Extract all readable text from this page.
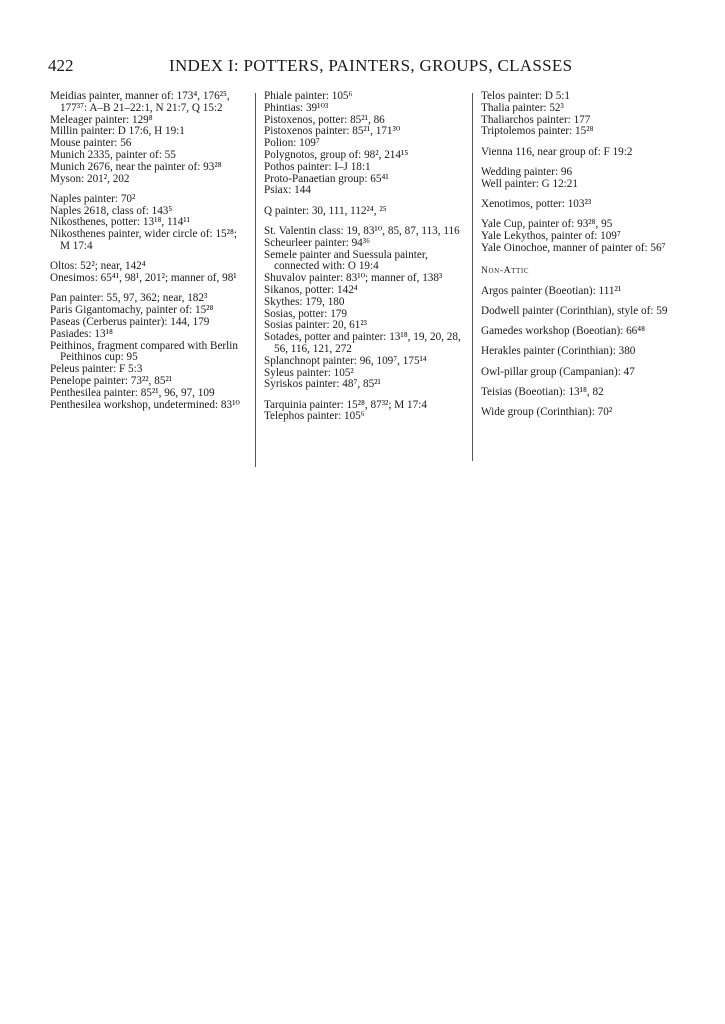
422	INDEX I: POTTERS, PAINTERS, GROUPS, CLASSES
Meidias painter, manner of: 173⁴, 176²⁵, 177³⁷: A–B 21–22:1, N 21:7, Q 15:2
Meleager painter: 129⁸
Millin painter: D 17:6, H 19:1
Mouse painter: 56
Munich 2335, painter of: 55
Munich 2676, near the painter of: 93²⁸
Myson: 201², 202
Naples painter: 70²
Naples 2618, class of: 143⁵
Nikosthenes, potter: 13¹⁸, 114¹¹
Nikosthenes painter, wider circle of: 15²⁸; M 17:4
Oltos: 52²; near, 142⁴
Onesimos: 65⁴¹, 98¹, 201²; manner of, 98¹
Pan painter: 55, 97, 362; near, 182³
Paris Gigantomachy, painter of: 15²⁸
Paseas (Cerberus painter): 144, 179
Pasiades: 13¹⁸
Peithinos, fragment compared with Berlin Peithinos cup: 95
Peleus painter: F 5:3
Penelope painter: 73²², 85²¹
Penthesilea painter: 85²¹, 96, 97, 109
Penthesilea workshop, undetermined: 83¹⁰
Phiale painter: 105⁶
Phintias: 39¹⁰³
Pistoxenos, potter: 85²¹, 86
Pistoxenos painter: 85²¹, 171³⁰
Polion: 109⁷
Polygnotos, group of: 98², 214¹⁵
Pothos painter: I–J 18:1
Proto-Panaetian group: 65⁴¹
Psiax: 144
Q painter: 30, 111, 112²⁴, ²⁵
St. Valentin class: 19, 83¹⁰, 85, 87, 113, 116
Scheurleer painter: 94³⁶
Semele painter and Suessula painter, connected with: O 19:4
Shuvalov painter: 83¹⁰; manner of, 138³
Sikanos, potter: 142⁴
Skythes: 179, 180
Sosias, potter: 179
Sosias painter: 20, 61²³
Sotades, potter and painter: 13¹⁸, 19, 20, 28, 56, 116, 121, 272
Splanchnopt painter: 96, 109⁷, 175¹⁴
Syleus painter: 105²
Syriskos painter: 48⁷, 85²¹
Tarquinia painter: 15²⁸, 87³²; M 17:4
Telephos painter: 105⁶
Telos painter: D 5:1
Thalia painter: 52³
Thaliarchos painter: 177
Triptolemos painter: 15²⁸
Vienna 116, near group of: F 19:2
Wedding painter: 96
Well painter: G 12:21
Xenotimos, potter: 103²³
Yale Cup, painter of: 93²⁸, 95
Yale Lekythos, painter of: 109⁷
Yale Oinochoe, manner of painter of: 56⁷
Non-Attic
Argos painter (Boeotian): 111²¹
Dodwell painter (Corinthian), style of: 59
Gamedes workshop (Boeotian): 66⁴⁸
Herakles painter (Corinthian): 380
Owl-pillar group (Campanian): 47
Teisias (Boeotian): 13¹⁸, 82
Wide group (Corinthian): 70²
